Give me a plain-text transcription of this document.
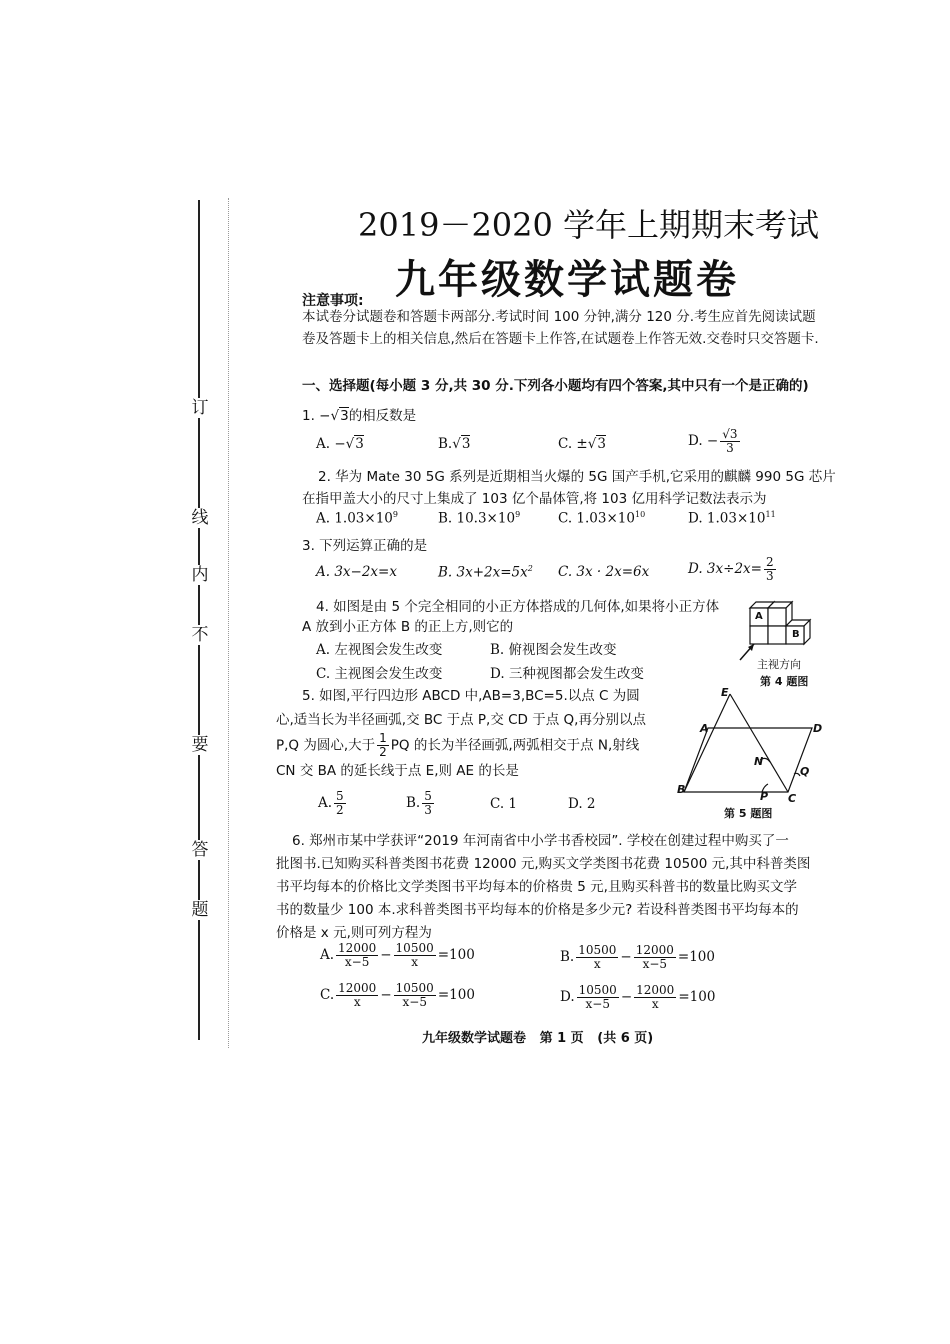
订
线
内
不
要
答
题
2019－2020 学年上期期末考试
九年级数学试题卷
注意事项:
本试卷分试题卷和答题卡两部分.考试时间 100 分钟,满分 120 分.考生应首先阅读试题
卷及答题卡上的相关信息,然后在答题卡上作答,在试题卷上作答无效.交卷时只交答题卡.
一、选择题(每小题 3 分,共 30 分.下列各小题均有四个答案,其中只有一个是正确的)
1. −√3的相反数是
A. −√3	B.√3	C. ±√3	D. − $\frac{√3}{3}$
2. 华为 Mate 30 5G 系列是近期相当火爆的 5G 国产手机,它采用的麒麟 990 5G 芯片
在指甲盖大小的尺寸上集成了 103 亿个晶体管,将 103 亿用科学记数法表示为
A. $1.03\times 10^9$	B. $10.3\times 10^9$	C. $1.03\times 10^{10}$	D. $1.03\times 10^{11}$
3. 下列运算正确的是
A. 3x−2x=x	B. $3x+2x=5x^2$ C. 3x · 2x=6x	D. $3x\div 2x= \frac{2}{3}$
4. 如图是由 5 个完全相同的小正方体搭成的几何体,如果将小正方体
A 放到小正方体 B 的正上方,则它的
A. 左视图会发生改变	B. 俯视图会发生改变
C. 主视图会发生改变	D. 三种视图都会发生改变
A
B
主视方向
第 4 题图
5. 如图,平行四边形 ABCD 中,AB=3,BC=5.以点 C 为圆
心,适当长为半径画弧,交 BC 于点 P,交 CD 于点 Q,再分别以点
P,Q 为圆心,大于 $\frac{1}{2}$ PQ 的长为半径画弧,两弧相交于点 N,射线
CN 交 BA 的延长线于点 E,则 AE 的长是
A. $\frac{5}{2}$	B. $\frac{5}{3}$	C. 1	D. 2
E
A	D
N
Q
B
P C
第 5 题图
6. 郑州市某中学获评“2019 年河南省中小学书香校园”. 学校在创建过程中购买了一
批图书.已知购买科普类图书花费 12000 元,购买文学类图书花费 10500 元,其中科普类图
书平均每本的价格比文学类图书平均每本的价格贵 5 元,且购买科普书的数量比购买文学
书的数量少 100 本.求科普类图书平均每本的价格是多少元? 若设科普类图书平均每本的
价格是 x 元,则可列方程为
A. $\frac{12000}{x-5} - \frac{10500}{x} =100$	B. $\frac{10500}{x} - \frac{12000}{x-5} =100$
C. $\frac{12000}{x} - \frac{10500}{x-5} =100$	D. $\frac{10500}{x-5} - \frac{12000}{x} =100$
九年级数学试题卷   第 1 页   (共 6 页)
